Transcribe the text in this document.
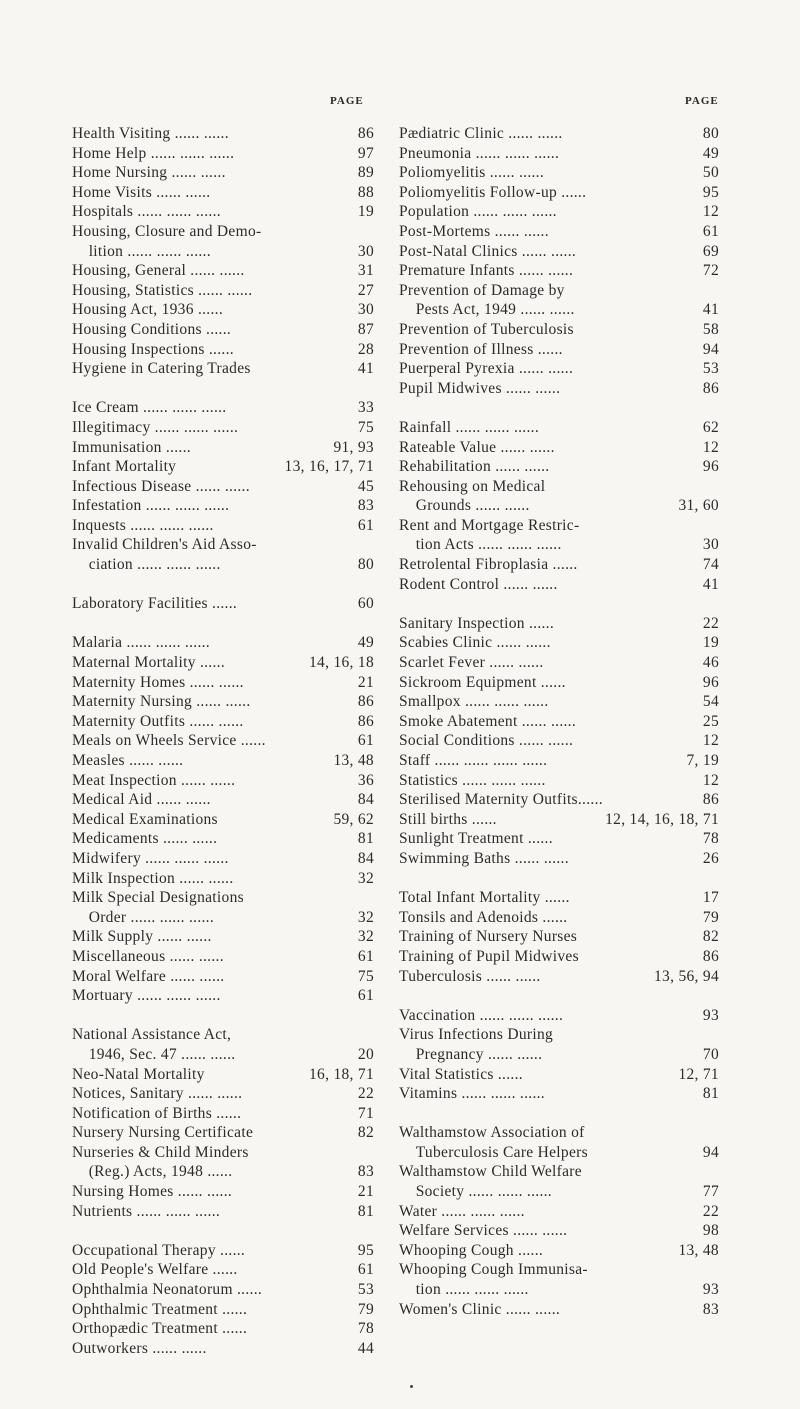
PAGE	PAGE
Health Visiting ...... ......	86
Home Help ...... ...... ......	97
Home Nursing ...... ......	89
Home Visits ...... ......	88
Hospitals ...... ...... ......	19
Housing, Closure and Demo-
lition ...... ...... ......	30
Housing, General ...... ......	31
Housing, Statistics ...... ......	27
Housing Act, 1936 ......	30
Housing Conditions ......	87
Housing Inspections ......	28
Hygiene in Catering Trades	41
Ice Cream ...... ...... ......	33
Illegitimacy ...... ...... ......	75
Immunisation ......	91, 93
Infant Mortality	13, 16, 17, 71
Infectious Disease ...... ......	45
Infestation ...... ...... ......	83
Inquests ...... ...... ......	61
Invalid Children's Aid Asso-
ciation ...... ...... ......	80
Laboratory Facilities ......	60
Malaria ...... ...... ......	49
Maternal Mortality ......	14, 16, 18
Maternity Homes ...... ......	21
Maternity Nursing ...... ......	86
Maternity Outfits ...... ......	86
Meals on Wheels Service ......	61
Measles ...... ......	13, 48
Meat Inspection ...... ......	36
Medical Aid ...... ......	84
Medical Examinations	59, 62
Medicaments ...... ......	81
Midwifery ...... ...... ......	84
Milk Inspection ...... ......	32
Milk Special Designations
Order ...... ...... ......	32
Milk Supply ...... ......	32
Miscellaneous ...... ......	61
Moral Welfare ...... ......	75
Mortuary ...... ...... ......	61
National Assistance Act,
1946, Sec. 47 ...... ......	20
Neo-Natal Mortality	16, 18, 71
Notices, Sanitary ...... ......	22
Notification of Births ......	71
Nursery Nursing Certificate	82
Nurseries & Child Minders
(Reg.) Acts, 1948 ......	83
Nursing Homes ...... ......	21
Nutrients ...... ...... ......	81
Occupational Therapy ......	95
Old People's Welfare ......	61
Ophthalmia Neonatorum ......	53
Ophthalmic Treatment ......	79
Orthopædic Treatment ......	78
Outworkers ...... ......	44
Pædiatric Clinic ...... ......	80
Pneumonia ...... ...... ......	49
Poliomyelitis ...... ......	50
Poliomyelitis Follow-up ......	95
Population ...... ...... ......	12
Post-Mortems ...... ......	61
Post-Natal Clinics ...... ......	69
Premature Infants ...... ......	72
Prevention of Damage by
Pests Act, 1949 ...... ......	41
Prevention of Tuberculosis	58
Prevention of Illness ......	94
Puerperal Pyrexia ...... ......	53
Pupil Midwives ...... ......	86
Rainfall ...... ...... ......	62
Rateable Value ...... ......	12
Rehabilitation ...... ......	96
Rehousing on Medical
Grounds ...... ......	31, 60
Rent and Mortgage Restric-
tion Acts ...... ...... ......	30
Retrolental Fibroplasia ......	74
Rodent Control ...... ......	41
Sanitary Inspection ......	22
Scabies Clinic ...... ......	19
Scarlet Fever ...... ......	46
Sickroom Equipment ......	96
Smallpox ...... ...... ......	54
Smoke Abatement ...... ......	25
Social Conditions ...... ......	12
Staff ...... ...... ...... ......	7, 19
Statistics ...... ...... ......	12
Sterilised Maternity Outfits......	86
Still births ......	12, 14, 16, 18, 71
Sunlight Treatment ......	78
Swimming Baths ...... ......	26
Total Infant Mortality ......	17
Tonsils and Adenoids ......	79
Training of Nursery Nurses	82
Training of Pupil Midwives	86
Tuberculosis ...... ......	13, 56, 94
Vaccination ...... ...... ......	93
Virus Infections During
Pregnancy ...... ......	70
Vital Statistics ......	12, 71
Vitamins ...... ...... ......	81
Walthamstow Association of
Tuberculosis Care Helpers	94
Walthamstow Child Welfare
Society ...... ...... ......	77
Water ...... ...... ......	22
Welfare Services ...... ......	98
Whooping Cough ......	13, 48
Whooping Cough Immunisa-
tion ...... ...... ......	93
Women's Clinic ...... ......	83
